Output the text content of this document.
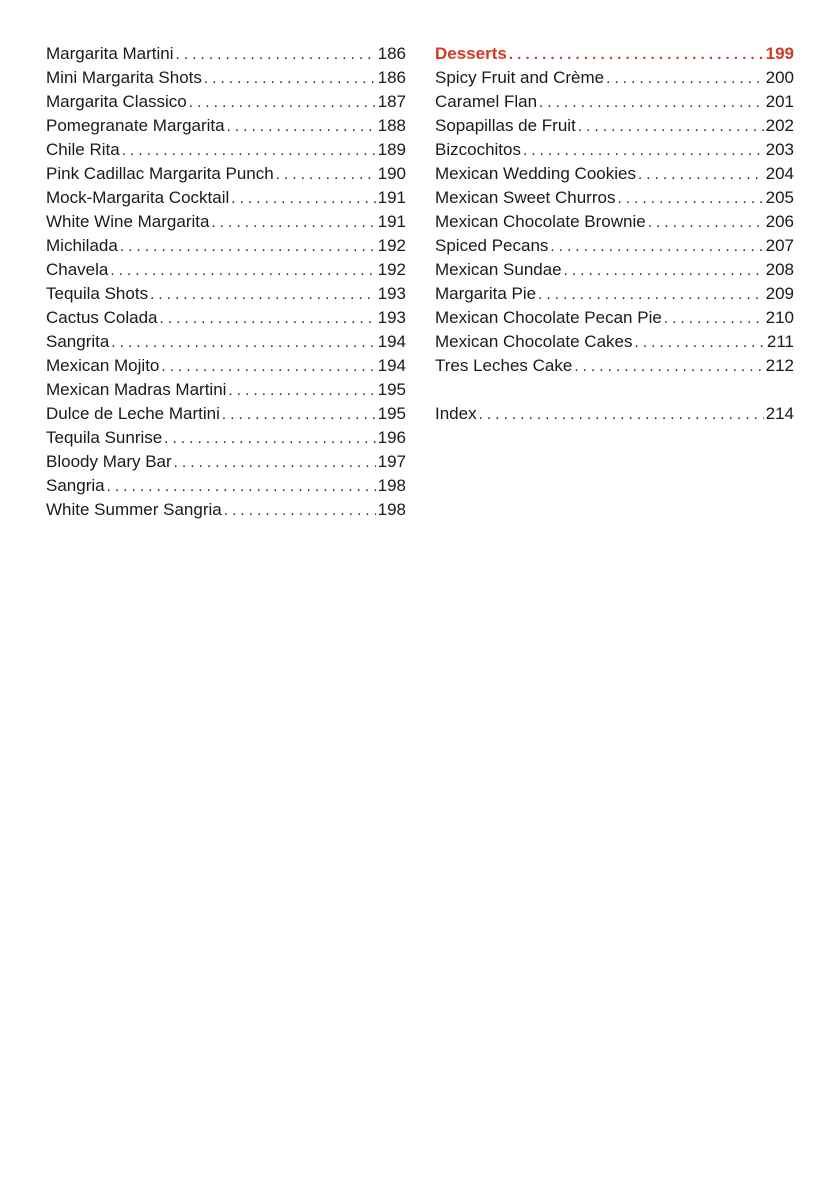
Margarita Martini . . .	186
Mini Margarita Shots . . .	186
Margarita Classico . . .	187
Pomegranate Margarita . . .	188
Chile Rita . . .	189
Pink Cadillac Margarita Punch . . .	190
Mock-Margarita Cocktail . . .	191
White Wine Margarita . . .	191
Michilada . . .	192
Chavela . . .	192
Tequila Shots . . .	193
Cactus Colada . . .	193
Sangrita . . .	194
Mexican Mojito . . .	194
Mexican Madras Martini . . .	195
Dulce de Leche Martini . . .	195
Tequila Sunrise . . .	196
Bloody Mary Bar . . .	197
Sangria . . .	198
White Summer Sangria . . .	198
Desserts . . .	199
Spicy Fruit and Crème . . .	200
Caramel Flan . . .	201
Sopapillas de Fruit . . .	202
Bizcochitos . . .	203
Mexican Wedding Cookies . . .	204
Mexican Sweet Churros . . .	205
Mexican Chocolate Brownie . . .	206
Spiced Pecans . . .	207
Mexican Sundae . . .	208
Margarita Pie . . .	209
Mexican Chocolate Pecan Pie . . .	210
Mexican Chocolate Cakes . . .	211
Tres Leches Cake . . .	212
Index . . .	214
